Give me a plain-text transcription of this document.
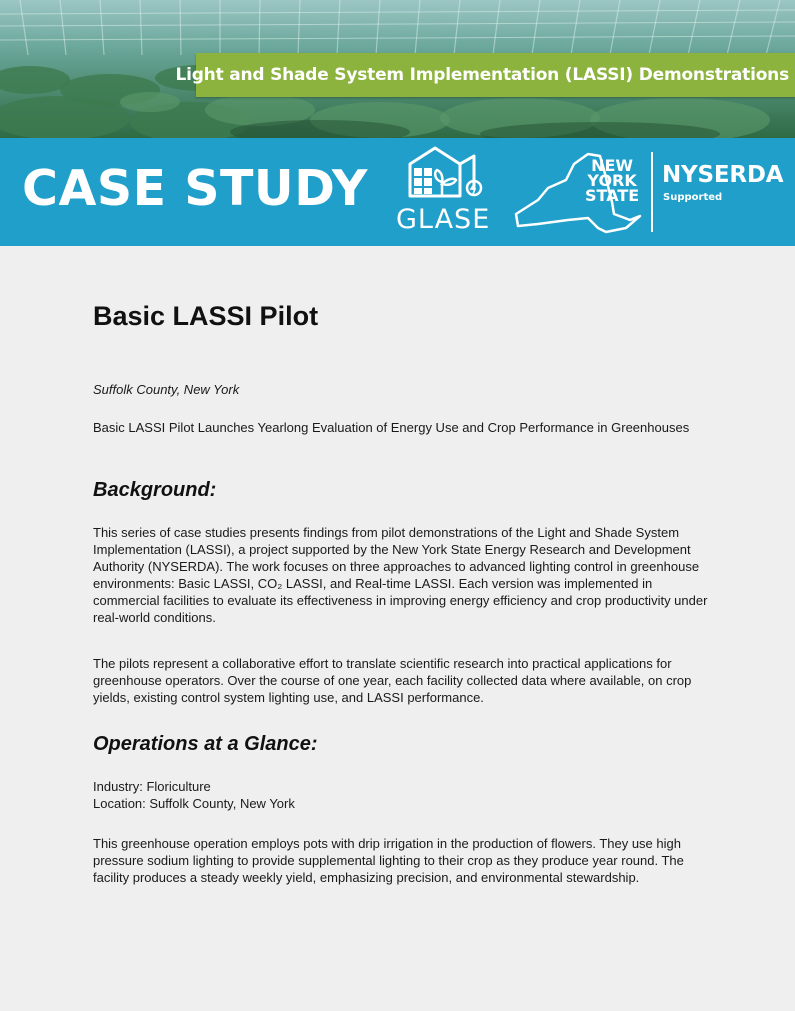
Light and Shade System Implementation (LASSI) Demonstrations
CASE STUDY
GLASE
NEW
YORK
STATE
NYSERDA
Supported
Basic LASSI Pilot

Suffolk County, New York

Basic LASSI Pilot Launches Yearlong Evaluation of Energy Use and Crop Performance in Greenhouses

Background:

This series of case studies presents findings from pilot demonstrations of the Light and Shade System Implementation (LASSI), a project supported by the New York State Energy Research and Development Authority (NYSERDA). The work focuses on three approaches to advanced lighting control in greenhouse environments: Basic LASSI, CO₂ LASSI, and Real-time LASSI. Each version was implemented in commercial facilities to evaluate its effectiveness in improving energy efficiency and crop productivity under real-world conditions.

The pilots represent a collaborative effort to translate scientific research into practical applications for greenhouse operators. Over the course of one year, each facility collected data where available, on crop yields, existing control system lighting use, and LASSI performance.

Operations at a Glance:

Industry: Floriculture

Location: Suffolk County, New York

This greenhouse operation employs pots with drip irrigation in the production of flowers. They use high pressure sodium lighting to provide supplemental lighting to their crop as they produce year round. The facility produces a steady weekly yield, emphasizing precision, and environmental stewardship.
